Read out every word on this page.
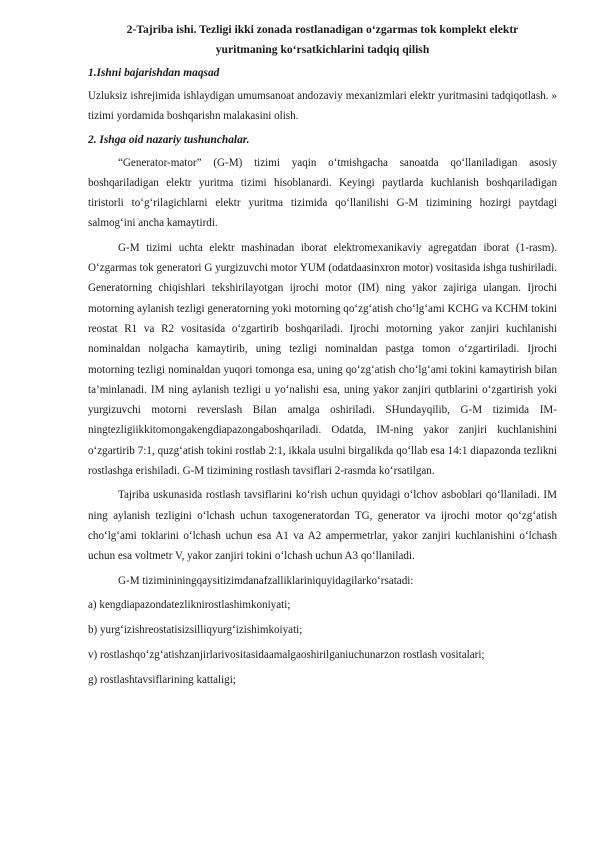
2-Tajriba ishi. Tezligi ikki zonada rostlanadigan o‘zgarmas tok komplekt elektr
yuritmaning ko‘rsatkichlarini tadqiq qilish
1.Ishni bajarishdan maqsad
Uzluksiz ishrejimida ishlaydigan umumsanoat andozaviy mexanizmlari elektr yuritmasini tadqiqotlash. » tizimi yordamida boshqarishn malakasini olish.
2. Ishga oid nazariy tushunchalar.
“Generator-mator” (G-M) tizimi yaqin o‘tmishgacha sanoatda qo‘llaniladigan asosiy boshqariladigan elektr yuritma tizimi hisoblanardi. Keyingi paytlarda kuchlanish boshqariladigan tiristorli to‘g‘rilagichlarni elektr yuritma tizimida qo‘llanilishi G-M tizimining hozirgi paytdagi salmog‘ini ancha kamaytirdi.
G-M tizimi uchta elektr mashinadan iborat elektromexanikaviy agregatdan iborat (1-rasm). O‘zgarmas tok generatori G yurgizuvchi motor YUM (odatdaasinxron motor) vositasida ishga tushiriladi. Generatorning chiqishlari tekshirilayotgan ijrochi motor (IM) ning yakor zajiriga ulangan. Ijrochi motorning aylanish tezligi generatorning yoki motorning qo‘zg‘atish cho‘lg‘ami KCHG va KCHM tokini reostat R1 va R2 vositasida o‘zgartirib boshqariladi. Ijrochi motorning yakor zanjiri kuchlanishi nominaldan nolgacha kamaytirib, uning tezligi nominaldan pastga tomon o‘zgartiriladi. Ijrochi motorning tezligi nominaldan yuqori tomonga esa, uning qo‘zg‘atish cho‘lg‘ami tokini kamaytirish bilan ta’minlanadi. IM ning aylanish tezligi u yo‘nalishi esa, uning yakor zanjiri qutblarini o‘zgartirish yoki yurgizuvchi motorni reverslash Bilan amalga oshiriladi. SHundayqilib, G-M tizimida IM-ningtezligiikkitomongakengdiapazongaboshqariladi. Odatda, IM-ning yakor zanjiri kuchlanishini o‘zgartirib 7:1, quzg‘atish tokini rostlab 2:1, ikkala usulni birgalikda qo‘llab esa 14:1 diapazonda tezlikni rostlashga erishiladi. G-M tizimining rostlash tavsiflari 2-rasmda ko‘rsatilgan.
Tajriba uskunasida rostlash tavsiflarini ko‘rish uchun quyidagi o‘lchov asboblari qo‘llaniladi. IM ning aylanish tezligini o‘lchash uchun taxogeneratordan TG, generator va ijrochi motor qo‘zg‘atish cho‘lg‘ami toklarini o‘lchash uchun esa A1 va A2 ampermetrlar, yakor zanjiri kuchlanishini o‘lchash uchun esa voltmetr V, yakor zanjiri tokini o‘lchash uchun A3 qo‘llaniladi.
G-M tizimininingqaysitizimdanafzalliklariniquyidagilarko‘rsatadi:
a) kengdiapazondatezliknirostlashimkoniyati;
b) yurg‘izishreostatisizsilliqyurg‘izishimkoiyati;
v) rostlashqo‘zg‘atishzanjirlarivositasidaamalgaoshirilganiuchunarzon rostlash vositalari;
g) rostlashtavsiflarining kattaligi;
